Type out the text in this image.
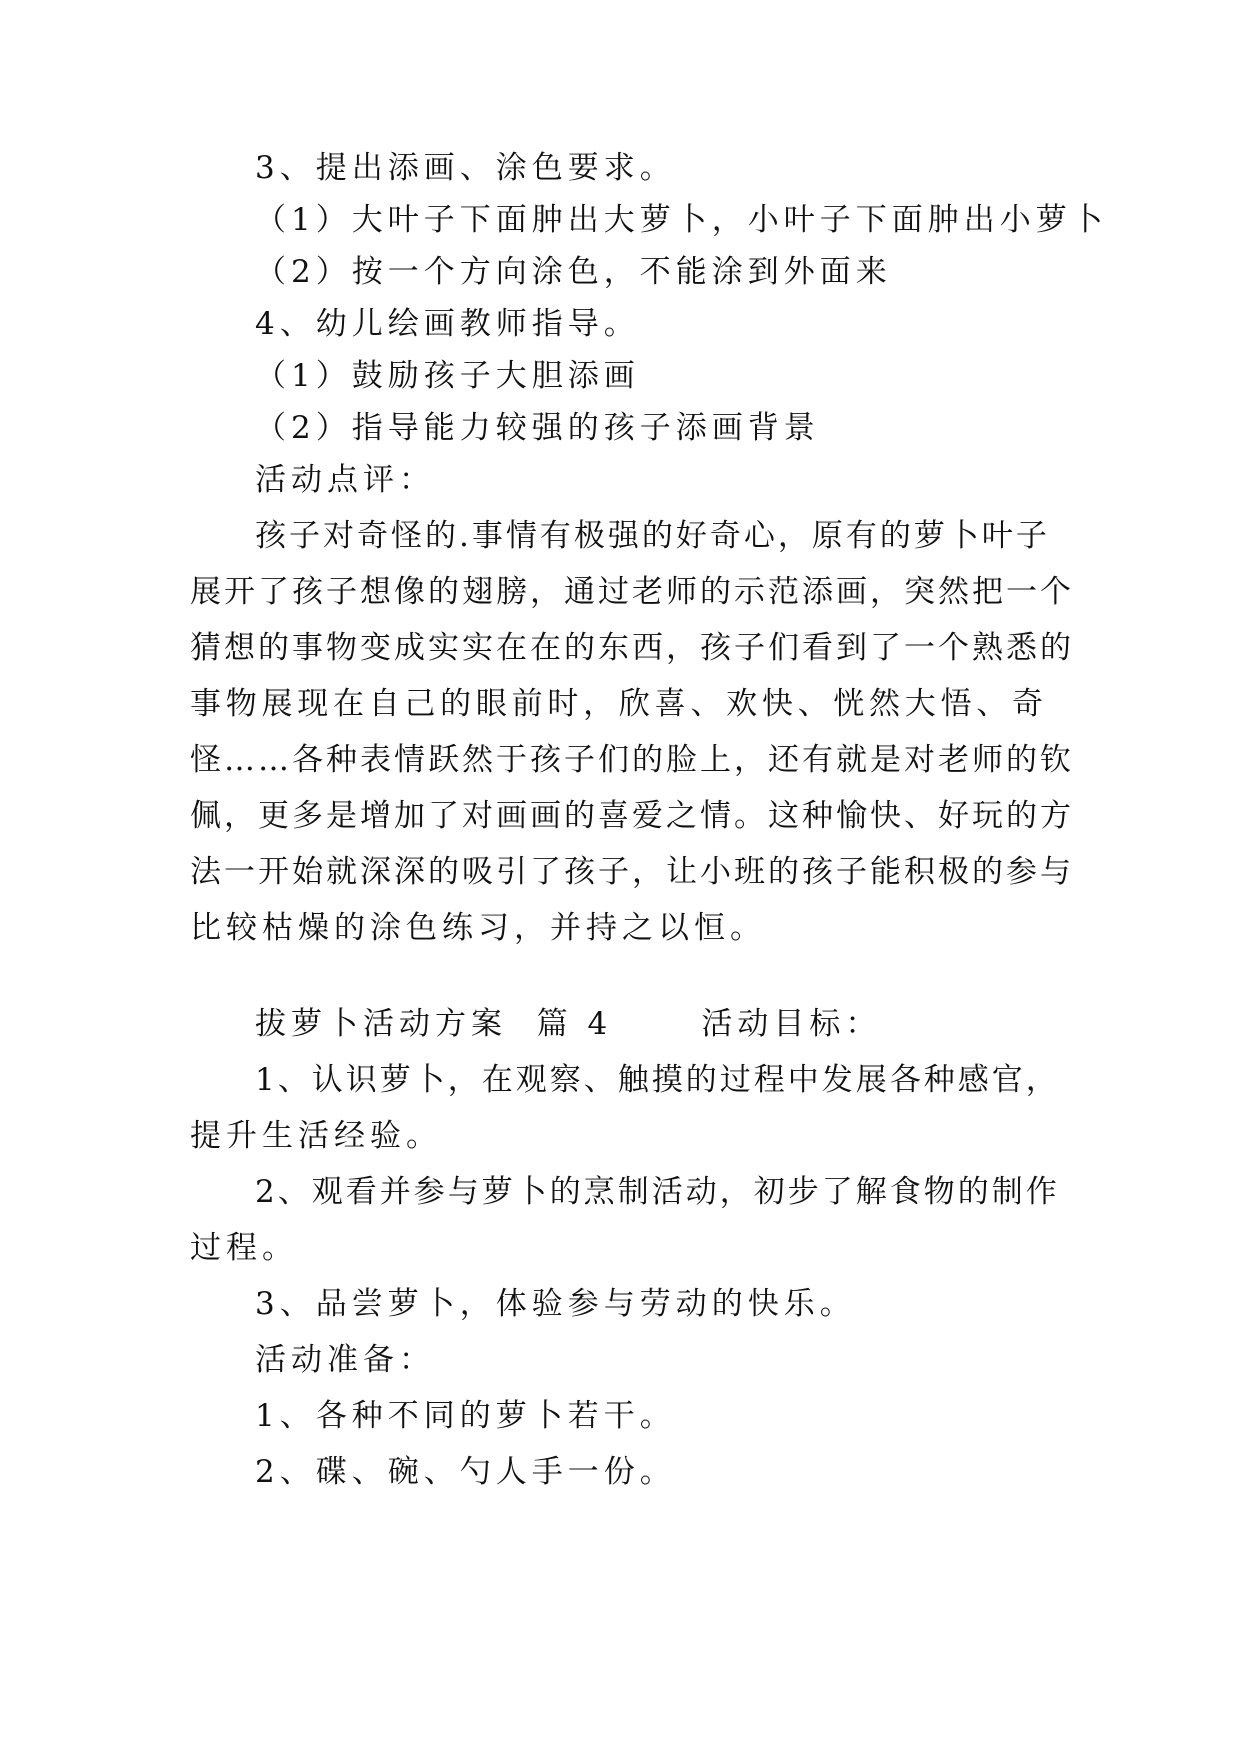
3、提出添画、涂色要求。
（1）大叶子下面肿出大萝卜，小叶子下面肿出小萝卜
（2）按一个方向涂色，不能涂到外面来
4、幼儿绘画教师指导。
（1）鼓励孩子大胆添画
（2）指导能力较强的孩子添画背景
活动点评：
孩子对奇怪的.事情有极强的好奇心，原有的萝卜叶子
展开了孩子想像的翅膀，通过老师的示范添画，突然把一个
猜想的事物变成实实在在的东西，孩子们看到了一个熟悉的
事物展现在自己的眼前时，欣喜、欢快、恍然大悟、奇
怪……各种表情跃然于孩子们的脸上，还有就是对老师的钦
佩，更多是增加了对画画的喜爱之情。这种愉快、好玩的方
法一开始就深深的吸引了孩子，让小班的孩子能积极的参与
比较枯燥的涂色练习，并持之以恒。
拔萝卜活动方案  篇 4      活动目标：
1、认识萝卜，在观察、触摸的过程中发展各种感官，
提升生活经验。
2、观看并参与萝卜的烹制活动，初步了解食物的制作
过程。
3、品尝萝卜，体验参与劳动的快乐。
活动准备：
1、各种不同的萝卜若干。
2、碟、碗、勺人手一份。
